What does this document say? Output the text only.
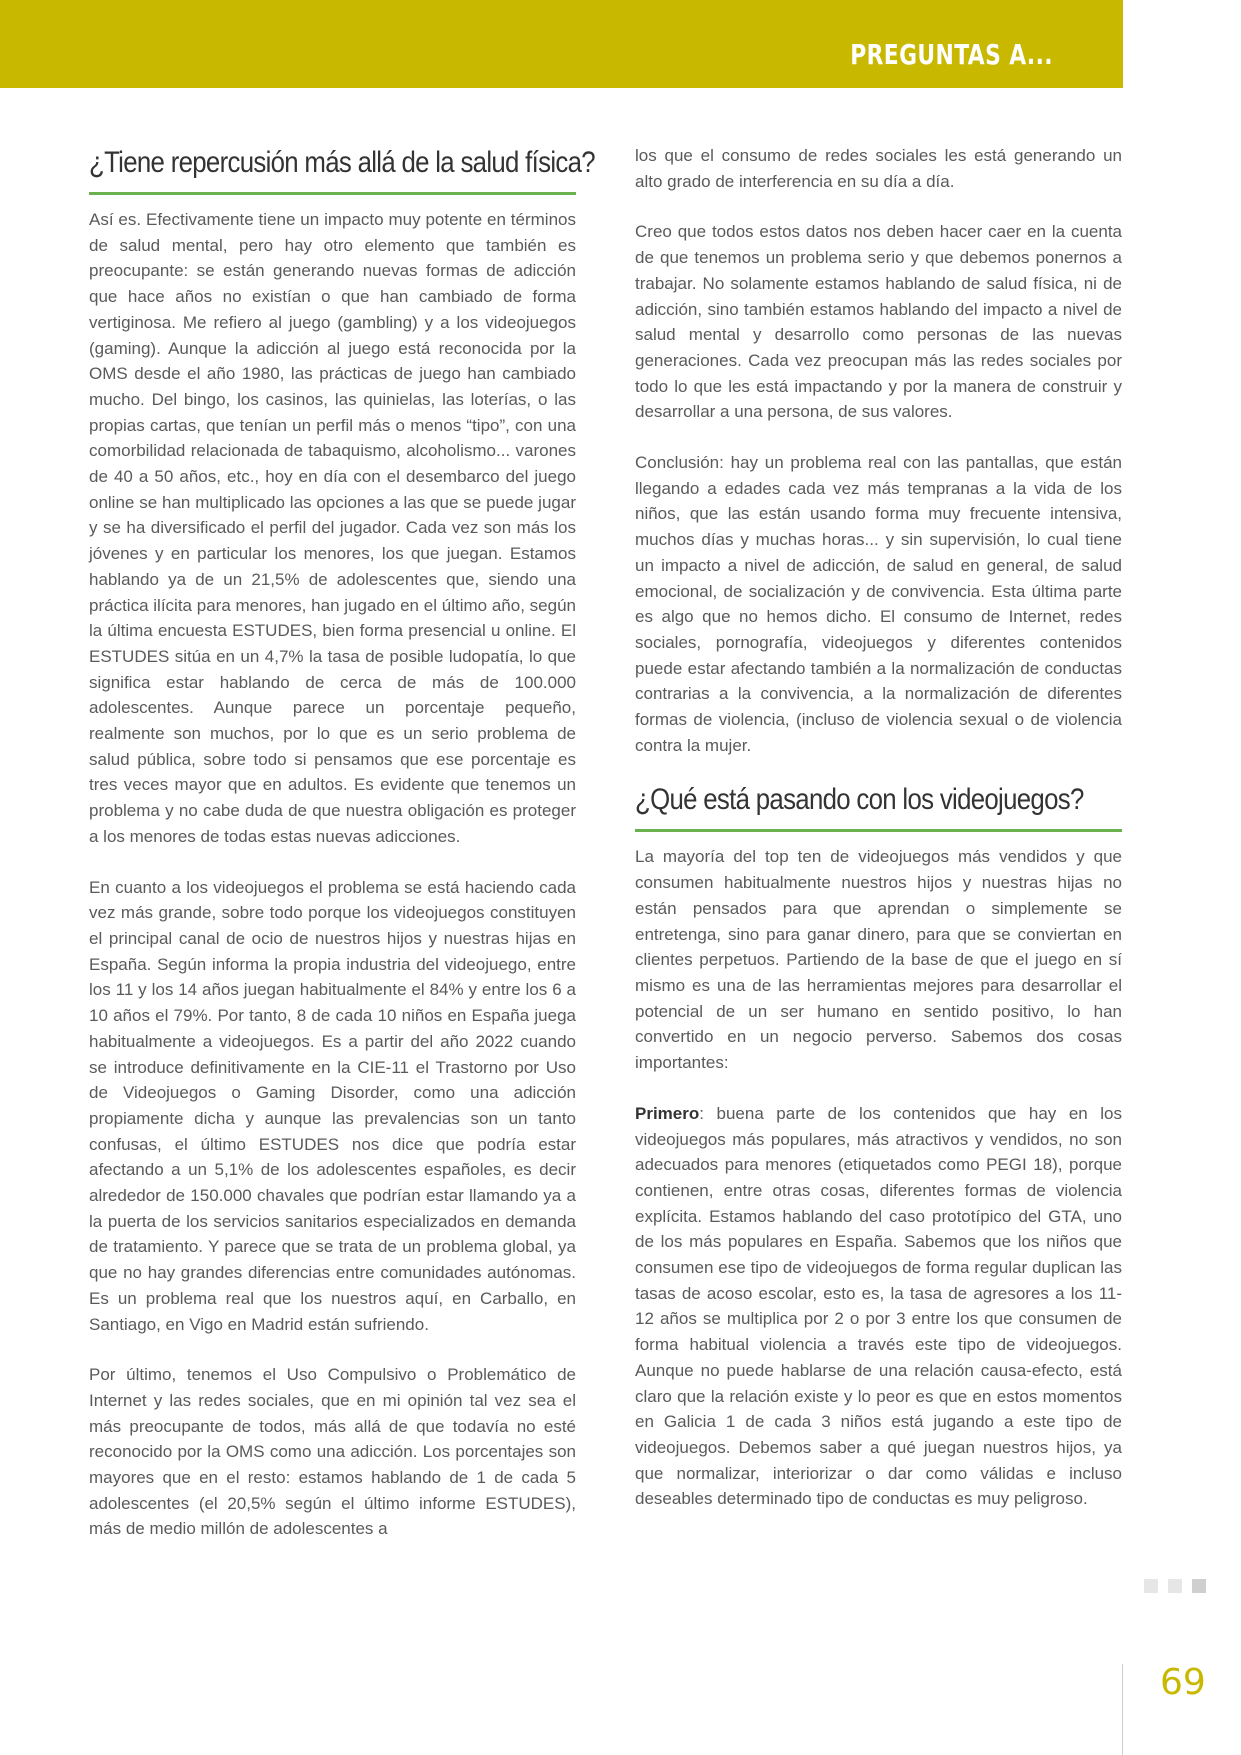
PREGUNTAS A...
¿Tiene repercusión más allá de la salud física?

Así es. Efectivamente tiene un impacto muy potente en términos de salud mental, pero hay otro elemento que también es preocupante: se están generando nuevas formas de adicción que hace años no existían o que han cambiado de forma vertiginosa. Me refiero al juego (gambling) y a los videojuegos (gaming). Aunque la adicción al juego está reconocida por la OMS desde el año 1980, las prácticas de juego han cambiado mucho. Del bingo, los casinos, las quinielas, las loterías, o las propias cartas, que tenían un perfil más o menos “tipo”, con una comorbilidad relacionada de tabaquismo, alcoholismo... varones de 40 a 50 años, etc., hoy en día con el desembarco del juego online se han multiplicado las opciones a las que se puede jugar y se ha diversificado el perfil del jugador. Cada vez son más los jóvenes y en particular los menores, los que juegan. Estamos hablando ya de un 21,5% de adolescentes que, siendo una práctica ilícita para menores, han jugado en el último año, según la última encuesta ESTUDES, bien forma presencial u online. El ESTUDES sitúa en un 4,7% la tasa de posible ludopatía, lo que significa estar hablando de cerca de más de 100.000 adolescentes. Aunque parece un porcentaje pequeño, realmente son muchos, por lo que es un serio problema de salud pública, sobre todo si pensamos que ese porcentaje es tres veces mayor que en adultos. Es evidente que tenemos un problema y no cabe duda de que nuestra obligación es proteger a los menores de todas estas nuevas adicciones.

En cuanto a los videojuegos el problema se está haciendo cada vez más grande, sobre todo porque los videojuegos constituyen el principal canal de ocio de nuestros hijos y nuestras hijas en España. Según informa la propia industria del videojuego, entre los 11 y los 14 años juegan habitualmente el 84% y entre los 6 a 10 años el 79%. Por tanto, 8 de cada 10 niños en España juega habitualmente a videojuegos. Es a partir del año 2022 cuando se introduce definitivamente en la CIE-11 el Trastorno por Uso de Videojuegos o Gaming Disorder, como una adicción propiamente dicha y aunque las prevalencias son un tanto confusas, el último ESTUDES nos dice que podría estar afectando a un 5,1% de los adolescentes españoles, es decir alrededor de 150.000 chavales que podrían estar llamando ya a la puerta de los servicios sanitarios especializados en demanda de tratamiento. Y parece que se trata de un problema global, ya que no hay grandes diferencias entre comunidades autónomas. Es un problema real que los nuestros aquí, en Carballo, en Santiago, en Vigo en Madrid están sufriendo.

Por último, tenemos el Uso Compulsivo o Problemático de Internet y las redes sociales, que en mi opinión tal vez sea el más preocupante de todos, más allá de que todavía no esté reconocido por la OMS como una adicción. Los porcentajes son mayores que en el resto: estamos hablando de 1 de cada 5 adolescentes (el 20,5% según el último informe ESTUDES), más de medio millón de adolescentes a

los que el consumo de redes sociales les está generando un alto grado de interferencia en su día a día.

Creo que todos estos datos nos deben hacer caer en la cuenta de que tenemos un problema serio y que debemos ponernos a trabajar. No solamente estamos hablando de salud física, ni de adicción, sino también estamos hablando del impacto a nivel de salud mental y desarrollo como personas de las nuevas generaciones. Cada vez preocupan más las redes sociales por todo lo que les está impactando y por la manera de construir y desarrollar a una persona, de sus valores.

Conclusión: hay un problema real con las pantallas, que están llegando a edades cada vez más tempranas a la vida de los niños, que las están usando forma muy frecuente intensiva, muchos días y muchas horas... y sin supervisión, lo cual tiene un impacto a nivel de adicción, de salud en general, de salud emocional, de socialización y de convivencia. Esta última parte es algo que no hemos dicho. El consumo de Internet, redes sociales, pornografía, videojuegos y diferentes contenidos puede estar afectando también a la normalización de conductas contrarias a la convivencia, a la normalización de diferentes formas de violencia, (incluso de violencia sexual o de violencia contra la mujer.

¿Qué está pasando con los videojuegos?

La mayoría del top ten de videojuegos más vendidos y que consumen habitualmente nuestros hijos y nuestras hijas no están pensados para que aprendan o simplemente se entretenga, sino para ganar dinero, para que se conviertan en clientes perpetuos. Partiendo de la base de que el juego en sí mismo es una de las herramientas mejores para desarrollar el potencial de un ser humano en sentido positivo, lo han convertido en un negocio perverso. Sabemos dos cosas importantes:

Primero: buena parte de los contenidos que hay en los videojuegos más populares, más atractivos y vendidos, no son adecuados para menores (etiquetados como PEGI 18), porque contienen, entre otras cosas, diferentes formas de violencia explícita. Estamos hablando del caso prototípico del GTA, uno de los más populares en España. Sabemos que los niños que consumen ese tipo de videojuegos de forma regular duplican las tasas de acoso escolar, esto es, la tasa de agresores a los 11-12 años se multiplica por 2 o por 3 entre los que consumen de forma habitual violencia a través este tipo de videojuegos. Aunque no puede hablarse de una relación causa-efecto, está claro que la relación existe y lo peor es que en estos momentos en Galicia 1 de cada 3 niños está jugando a este tipo de videojuegos. Debemos saber a qué juegan nuestros hijos, ya que normalizar, interiorizar o dar como válidas e incluso deseables determinado tipo de conductas es muy peligroso.

69
